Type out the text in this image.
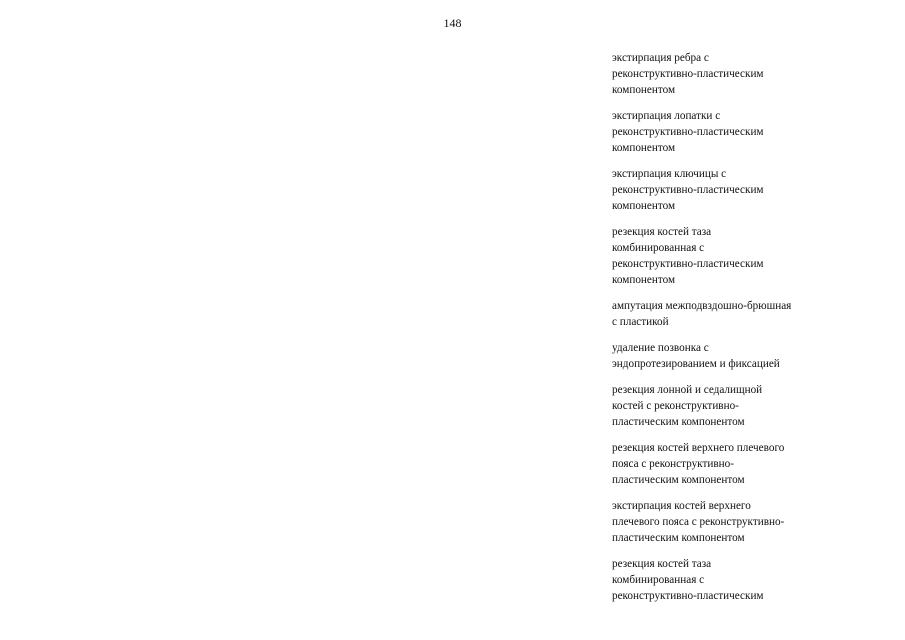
148
экстирпация ребра с
реконструктивно-пластическим
компонентом
экстирпация лопатки с
реконструктивно-пластическим
компонентом
экстирпация ключицы с
реконструктивно-пластическим
компонентом
резекция костей таза
комбинированная с
реконструктивно-пластическим
компонентом
ампутация межподвздошно-брюшная
с пластикой
удаление позвонка с
эндопротезированием и фиксацией
резекция лонной и седалищной
костей с реконструктивно-
пластическим компонентом
резекция костей верхнего плечевого
пояса с реконструктивно-
пластическим компонентом
экстирпация костей верхнего
плечевого пояса с реконструктивно-
пластическим компонентом
резекция костей таза
комбинированная с
реконструктивно-пластическим
